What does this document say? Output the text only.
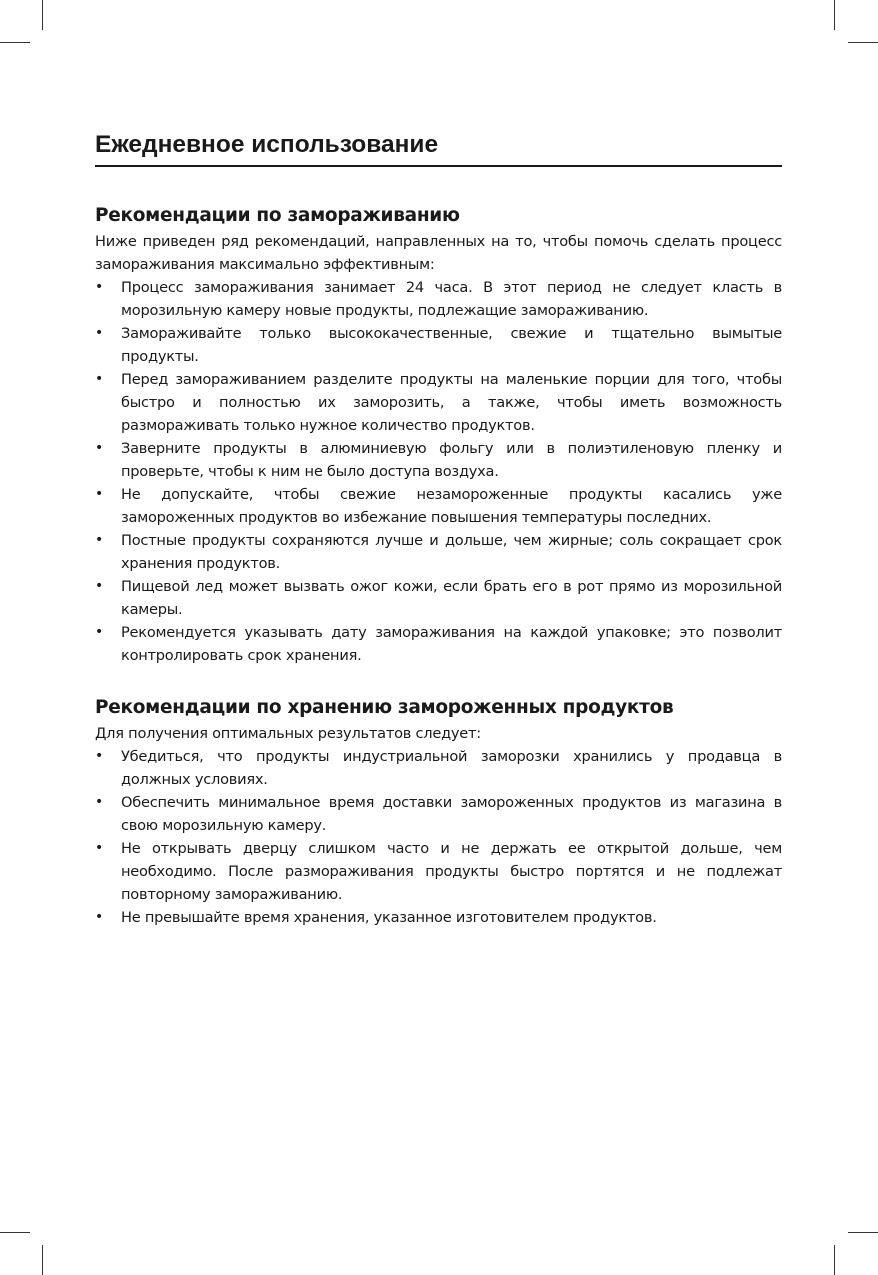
Ежедневное использование
Рекомендации по замораживанию

Ниже приведен ряд рекомендаций, направленных на то, чтобы помочь сделать процесс замораживания максимально эффективным:

• Процесс замораживания занимает 24 часа. В этот период не следует класть в морозильную камеру новые продукты, подлежащие замораживанию.
• Замораживайте только высококачественные, свежие и тщательно вымытые продукты.
• Перед замораживанием разделите продукты на маленькие порции для того, чтобы быстро и полностью их заморозить, а также, чтобы иметь возможность размораживать только нужное количество продуктов.
• Заверните продукты в алюминиевую фольгу или в полиэтиленовую пленку и проверьте, чтобы к ним не было доступа воздуха.
• Не допускайте, чтобы свежие незамороженные продукты касались уже замороженных продуктов во избежание повышения температуры последних.
• Постные продукты сохраняются лучше и дольше, чем жирные; соль сокращает срок хранения продуктов.
• Пищевой лед может вызвать ожог кожи, если брать его в рот прямо из морозильной камеры.
• Рекомендуется указывать дату замораживания на каждой упаковке; это позволит контролировать срок хранения.
Рекомендации по хранению замороженных продуктов

Для получения оптимальных результатов следует:

• Убедиться, что продукты индустриальной заморозки хранились у продавца в должных условиях.
• Обеспечить минимальное время доставки замороженных продуктов из магазина в свою морозильную камеру.
• Не открывать дверцу слишком часто и не держать ее открытой дольше, чем необходимо. После размораживания продукты быстро портятся и не подлежат повторному замораживанию.
• Не превышайте время хранения, указанное изготовителем продуктов.
